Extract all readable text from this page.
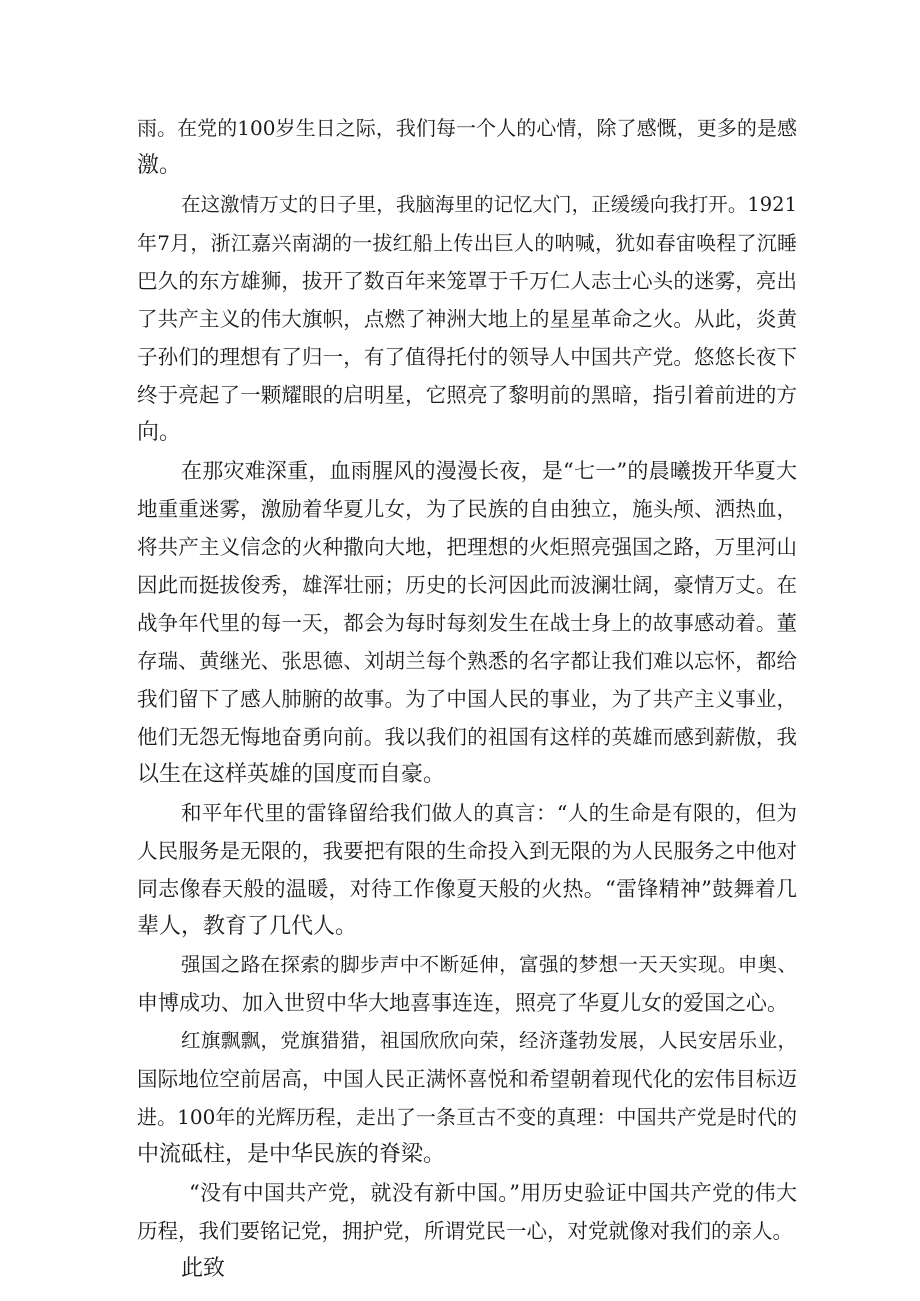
雨。在党的100岁生日之际，我们每一个人的心情，除了感慨，更多的是感

激。

在这激情万丈的日子里，我脑海里的记忆大门，正缓缓向我打开。1921

年7月，浙江嘉兴南湖的一拔红船上传出巨人的呐喊，犹如春宙唤程了沉睡

巴久的东方雄狮，拔开了数百年来笼罩于千万仁人志士心头的迷雾，亮出

了共产主义的伟大旗帜，点燃了神洲大地上的星星革命之火。从此，炎黄

子孙们的理想有了归一，有了值得托付的领导人中国共产党。悠悠长夜下

终于亮起了一颗耀眼的启明星，它照亮了黎明前的黑暗，指引着前进的方

向。

在那灾难深重，血雨腥风的漫漫长夜，是“七一”的晨曦拨开华夏大

地重重迷雾，激励着华夏儿女，为了民族的自由独立，施头颅、洒热血，

将共产主义信念的火种撒向大地，把理想的火炬照亮强国之路，万里河山

因此而挺拔俊秀，雄浑壮丽；历史的长河因此而波澜壮阔，豪情万丈。在

战争年代里的每一天，都会为每时每刻发生在战士身上的故事感动着。董

存瑞、黄继光、张思德、刘胡兰每个熟悉的名字都让我们难以忘怀，都给

我们留下了感人肺腑的故事。为了中国人民的事业，为了共产主义事业，

他们无怨无悔地奋勇向前。我以我们的祖国有这样的英雄而感到薪傲，我

以生在这样英雄的国度而自豪。

和平年代里的雷锋留给我们做人的真言：“人的生命是有限的，但为

人民服务是无限的，我要把有限的生命投入到无限的为人民服务之中他对

同志像春天般的温暖，对待工作像夏天般的火热。“雷锋精神”鼓舞着几

辈人，教育了几代人。

强国之路在探索的脚步声中不断延伸，富强的梦想一天天实现。申奥、

申博成功、加入世贸中华大地喜事连连，照亮了华夏儿女的爱国之心。

红旗飘飘，党旗猎猎，祖国欣欣向荣，经济蓬勃发展，人民安居乐业，

国际地位空前居高，中国人民正满怀喜悦和希望朝着现代化的宏伟目标迈

进。100年的光辉历程，走出了一条亘古不变的真理：中国共产党是时代的

中流砥柱，是中华民族的脊梁。

“没有中国共产党，就没有新中国。”用历史验证中国共产党的伟大

历程，我们要铭记党，拥护党，所谓党民一心，对党就像对我们的亲人。

此致
